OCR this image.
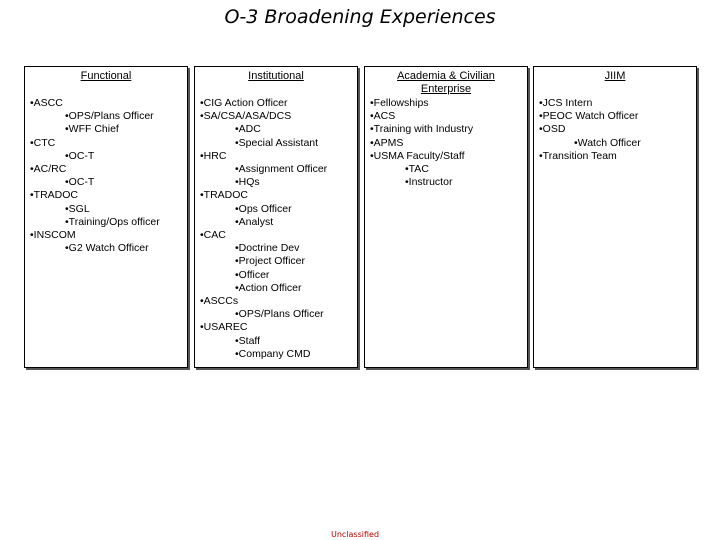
O-3 Broadening Experiences
Functional
•ASCC
•OPS/Plans Officer
•WFF Chief
•CTC
•OC-T
•AC/RC
•OC-T
•TRADOC
•SGL
•Training/Ops officer
•INSCOM
•G2 Watch Officer
Institutional
•CIG Action Officer
•SA/CSA/ASA/DCS
•ADC
•Special Assistant
•HRC
•Assignment Officer
•HQs
•TRADOC
•Ops Officer
•Analyst
•CAC
•Doctrine Dev
•Project Officer
•Officer
•Action Officer
•ASCCs
•OPS/Plans Officer
•USAREC
•Staff
•Company CMD
Academia & Civilian Enterprise
•Fellowships
•ACS
•Training with Industry
•APMS
•USMA Faculty/Staff
•TAC
•Instructor
JIIM
•JCS Intern
•PEOC Watch Officer
•OSD
•Watch Officer
•Transition Team
Unclassified
